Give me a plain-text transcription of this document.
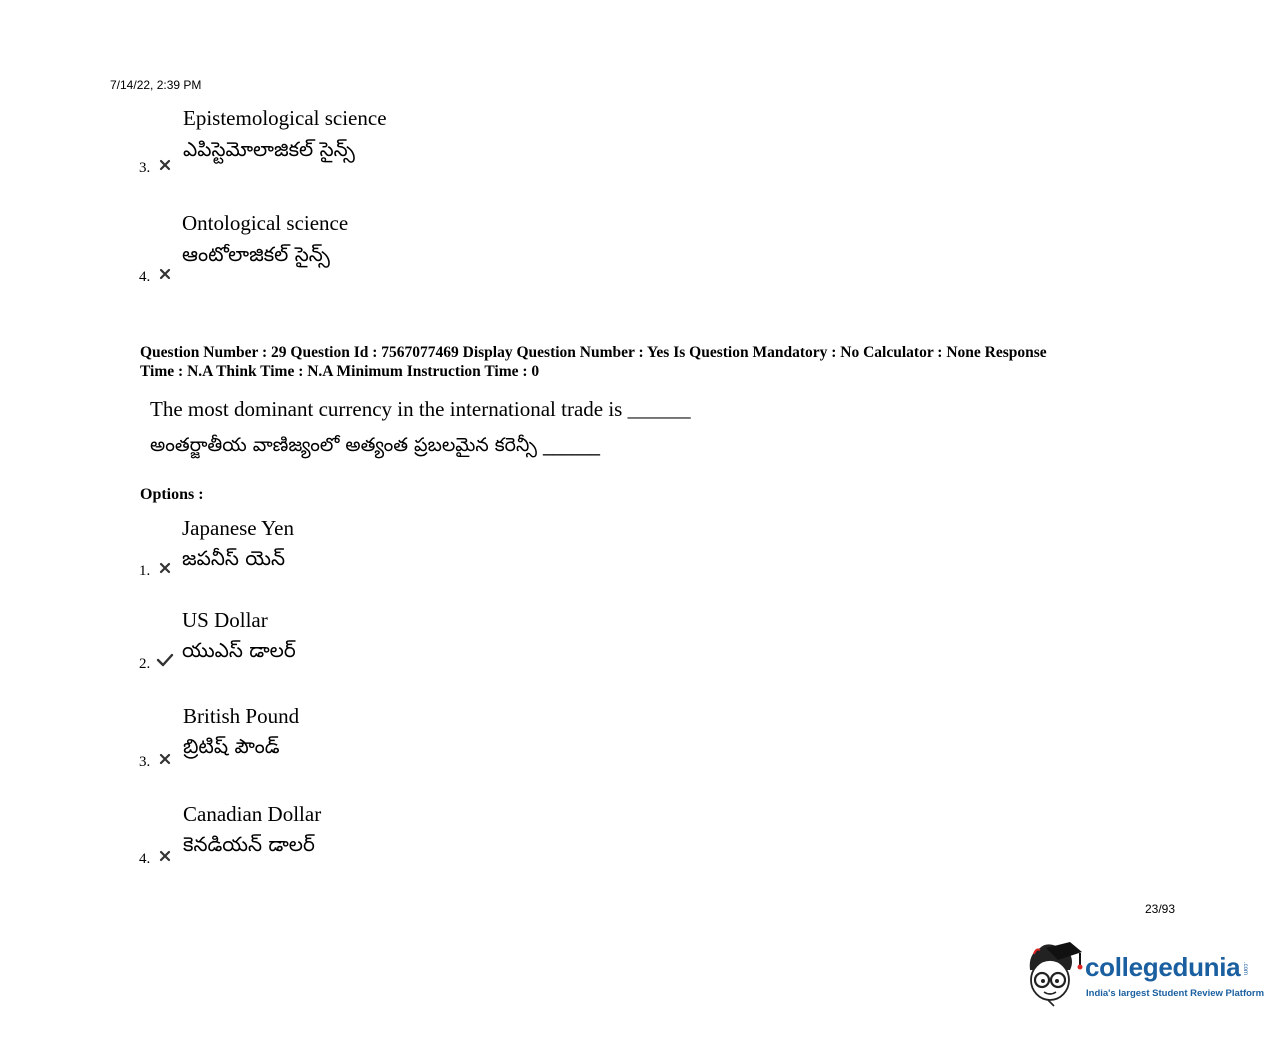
7/14/22, 2:39 PM
Epistemological science
ఎపిస్టెమోలాజికల్ సైన్స్
3.
Ontological science
ఆంటోలాజికల్ సైన్స్
4.
Question Number : 29 Question Id : 7567077469 Display Question Number : Yes Is Question Mandatory : No Calculator : None Response
Time : N.A Think Time : N.A Minimum Instruction Time : 0
The most dominant currency in the international trade is ______
అంతర్జాతీయ వాణిజ్యంలో అత్యంత ప్రబలమైన కరెన్సీ ______
Options :
Japanese Yen
జపనీస్ యెన్
1.
US Dollar
యుఎస్ డాలర్
2.
British Pound
బ్రిటిష్ పౌండ్
3.
Canadian Dollar
కెనడియన్ డాలర్
4.
23/93
collegedunia .com
India's largest Student Review Platform
